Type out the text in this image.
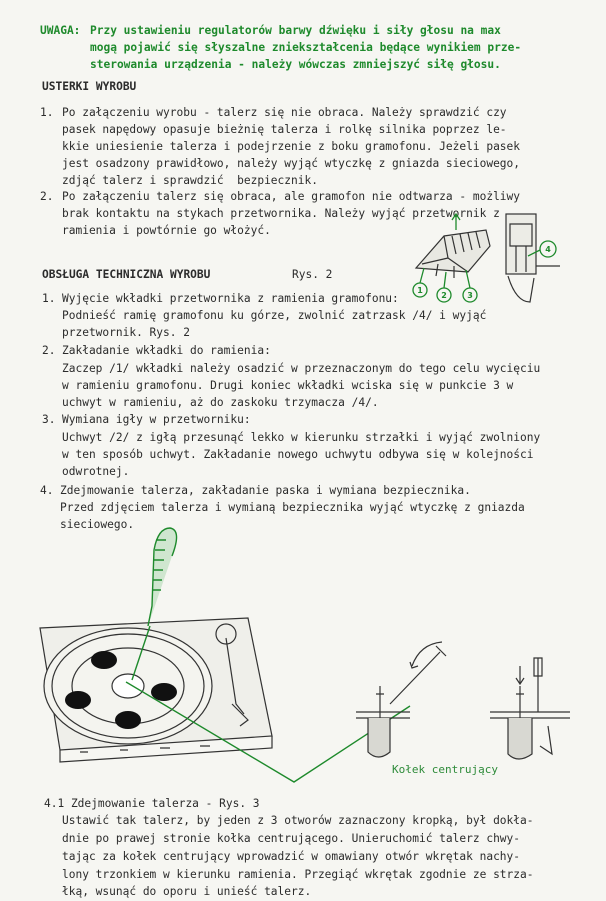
UWAGA: Przy ustawieniu regulatorów barwy dźwięku i siły głosu na max
mogą pojawić się słyszalne zniekształcenia będące wynikiem prze-
sterowania urządzenia - należy wówczas zmniejszyć siłę głosu.
USTERKI WYROBU
1. Po załączeniu wyrobu - talerz się nie obraca. Należy sprawdzić czy
pasek napędowy opasuje bieżnię talerza i rolkę silnika poprzez le-
kkie uniesienie talerza i podejrzenie z boku gramofonu. Jeżeli pasek
jest osadzony prawidłowo, należy wyjąć wtyczkę z gniazda sieciowego,
zdjąć talerz i sprawdzić  bezpiecznik.
2. Po załączeniu talerz się obraca, ale gramofon nie odtwarza - możliwy
brak kontaktu na stykach przetwornika. Należy wyjąć przetwornik z
ramienia i powtórnie go włożyć.
OBSŁUGA TECHNICZNA WYROBU	Rys. 2
1. Wyjęcie wkładki przetwornika z ramienia gramofonu:
Podnieść ramię gramofonu ku górze, zwolnić zatrzask /4/ i wyjąć
przetwornik. Rys. 2
2. Zakładanie wkładki do ramienia:
Zaczep /1/ wkładki należy osadzić w przeznaczonym do tego celu wycięciu
w ramieniu gramofonu. Drugi koniec wkładki wciska się w punkcie 3 w
uchwyt w ramieniu, aż do zaskoku trzymacza /4/.
3. Wymiana igły w przetworniku:
Uchwyt /2/ z igłą przesunąć lekko w kierunku strzałki i wyjąć zwolniony
w ten sposób uchwyt. Zakładanie nowego uchwytu odbywa się w kolejności
odwrotnej.
4. Zdejmowanie talerza, zakładanie paska i wymiana bezpiecznika.
Przed zdjęciem talerza i wymianą bezpiecznika wyjąć wtyczkę z gniazda
sieciowego.
1
2	3
4
Kołek centrujący
4.1 Zdejmowanie talerza - Rys. 3
Ustawić tak talerz, by jeden z 3 otworów zaznaczony kropką, był dokła-
dnie po prawej stronie kołka centrującego. Unieruchomić talerz chwy-
tając za kołek centrujący wprowadzić w omawiany otwór wkrętak nachy-
lony trzonkiem w kierunku ramienia. Przegiąć wkrętak zgodnie ze strza-
łką, wsunąć do oporu i unieść talerz.
